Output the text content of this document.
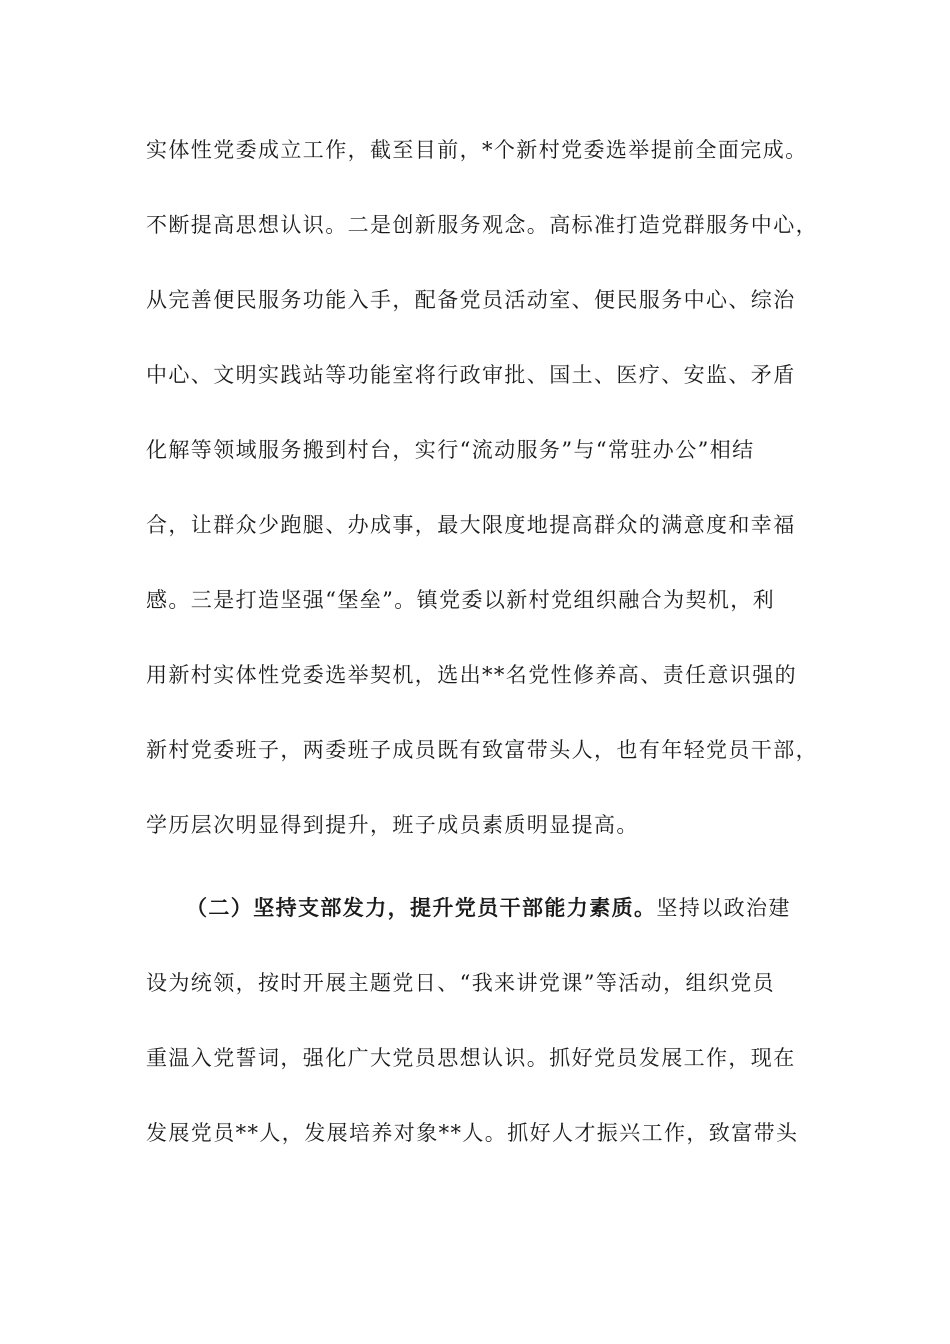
实体性党委成立工作，截至目前，*个新村党委选举提前全面完成。
不断提高思想认识。二是创新服务观念。高标准打造党群服务中心，
从完善便民服务功能入手，配备党员活动室、便民服务中心、综治
中心、文明实践站等功能室将行政审批、国土、医疗、安监、矛盾
化解等领域服务搬到村台，实行“流动服务”与“常驻办公”相结
合，让群众少跑腿、办成事，最大限度地提高群众的满意度和幸福
感。三是打造坚强“堡垒”。镇党委以新村党组织融合为契机，利
用新村实体性党委选举契机，选出**名党性修养高、责任意识强的
新村党委班子，两委班子成员既有致富带头人，也有年轻党员干部，
学历层次明显得到提升，班子成员素质明显提高。
（二）坚持支部发力，提升党员干部能力素质。坚持以政治建
设为统领，按时开展主题党日、“我来讲党课”等活动，组织党员
重温入党誓词，强化广大党员思想认识。抓好党员发展工作，现在
发展党员**人，发展培养对象**人。抓好人才振兴工作，致富带头
